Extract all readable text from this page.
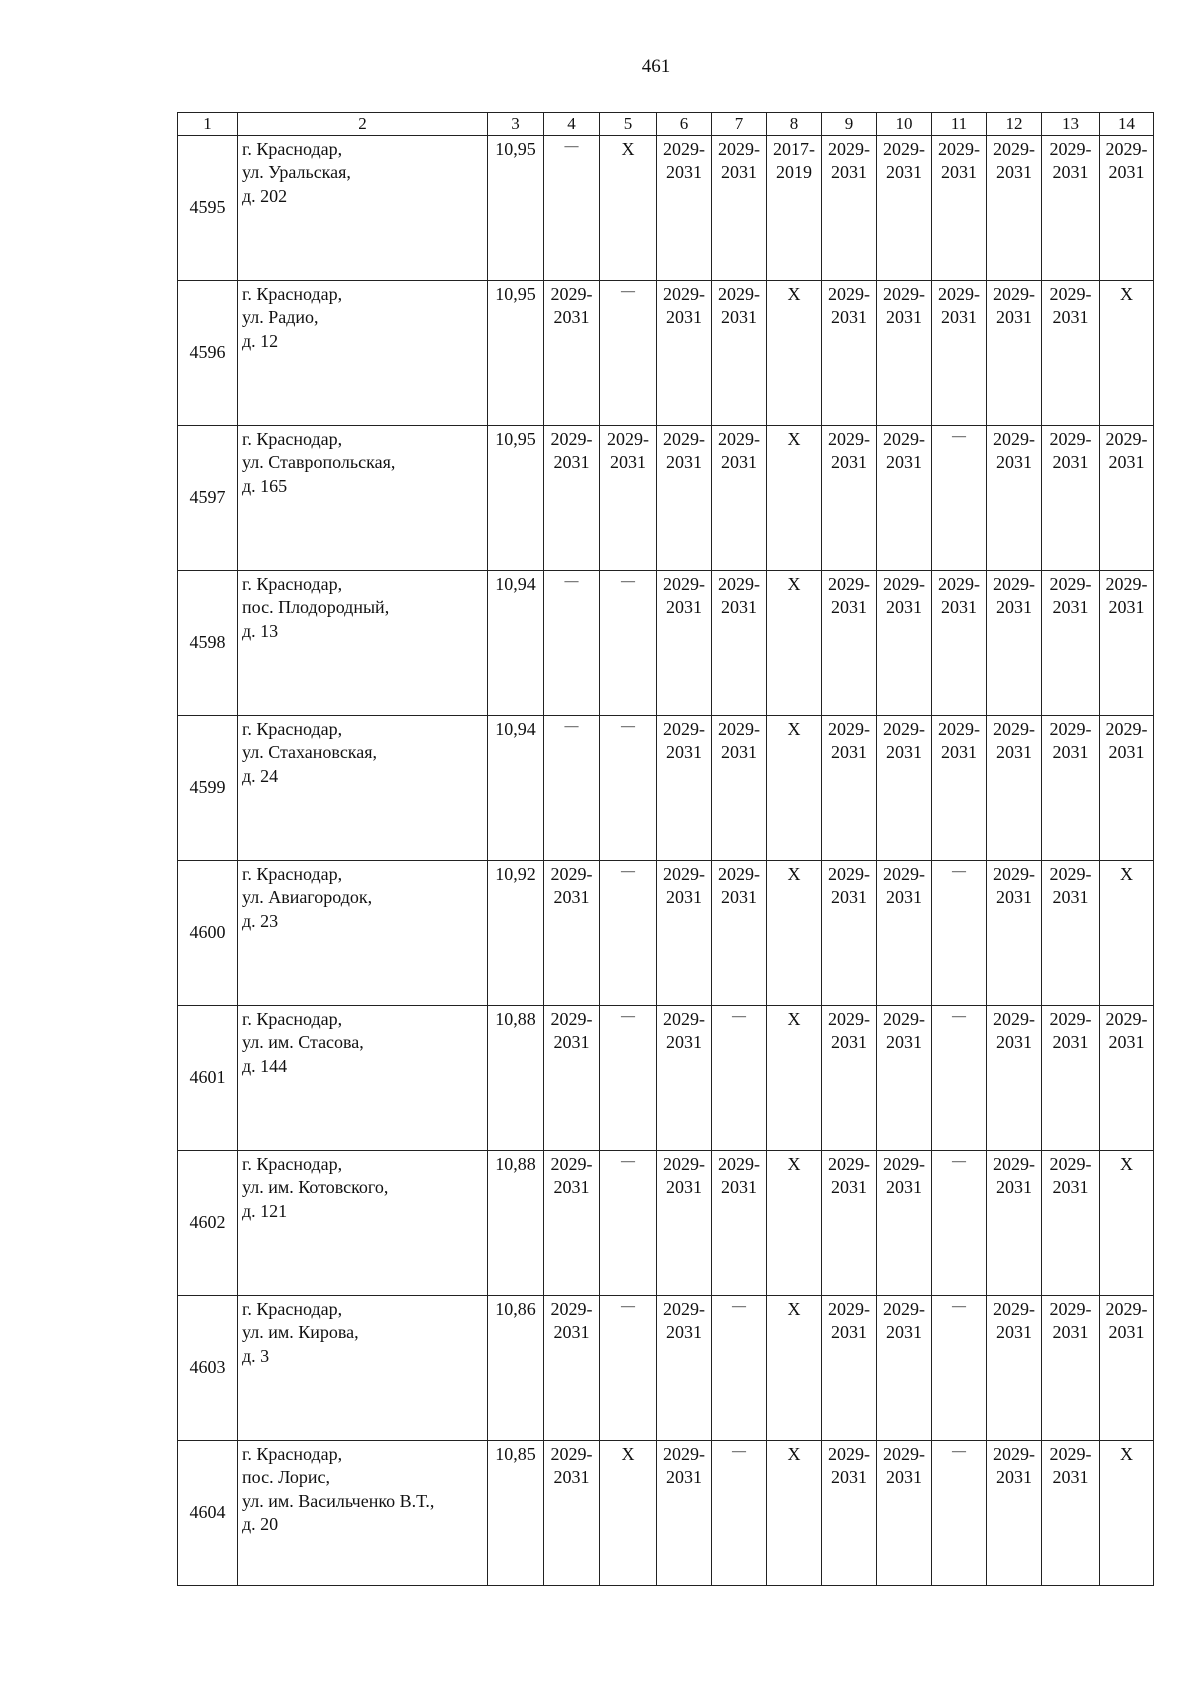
461
1	2	3	4	5	6	7	8	9	10	11	12	13	14
4595	г. Краснодар,
ул. Уральская,
д. 202	10,95	—	Х	2029-
2031	2029-
2031	2017-
2019	2029-
2031	2029-
2031	2029-
2031	2029-
2031	2029-
2031	2029-
2031
4596	г. Краснодар,
ул. Радио,
д. 12	10,95	2029-
2031	—	2029-
2031	2029-
2031	Х	2029-
2031	2029-
2031	2029-
2031	2029-
2031	2029-
2031	Х
4597	г. Краснодар,
ул. Ставропольская,
д. 165	10,95	2029-
2031	2029-
2031	2029-
2031	2029-
2031	Х	2029-
2031	2029-
2031	—	2029-
2031	2029-
2031	2029-
2031
4598	г. Краснодар,
пос. Плодородный,
д. 13	10,94	—	—	2029-
2031	2029-
2031	Х	2029-
2031	2029-
2031	2029-
2031	2029-
2031	2029-
2031	2029-
2031
4599	г. Краснодар,
ул. Стахановская,
д. 24	10,94	—	—	2029-
2031	2029-
2031	Х	2029-
2031	2029-
2031	2029-
2031	2029-
2031	2029-
2031	2029-
2031
4600	г. Краснодар,
ул. Авиагородок,
д. 23	10,92	2029-
2031	—	2029-
2031	2029-
2031	Х	2029-
2031	2029-
2031	—	2029-
2031	2029-
2031	Х
4601	г. Краснодар,
ул. им. Стасова,
д. 144	10,88	2029-
2031	—	2029-
2031	—	Х	2029-
2031	2029-
2031	—	2029-
2031	2029-
2031	2029-
2031
4602	г. Краснодар,
ул. им. Котовского,
д. 121	10,88	2029-
2031	—	2029-
2031	2029-
2031	Х	2029-
2031	2029-
2031	—	2029-
2031	2029-
2031	Х
4603	г. Краснодар,
ул. им. Кирова,
д. 3	10,86	2029-
2031	—	2029-
2031	—	Х	2029-
2031	2029-
2031	—	2029-
2031	2029-
2031	2029-
2031
4604	г. Краснодар,
пос. Лорис,
ул. им. Васильченко В.Т.,
д. 20	10,85	2029-
2031	Х	2029-
2031	—	Х	2029-
2031	2029-
2031	—	2029-
2031	2029-
2031	Х
